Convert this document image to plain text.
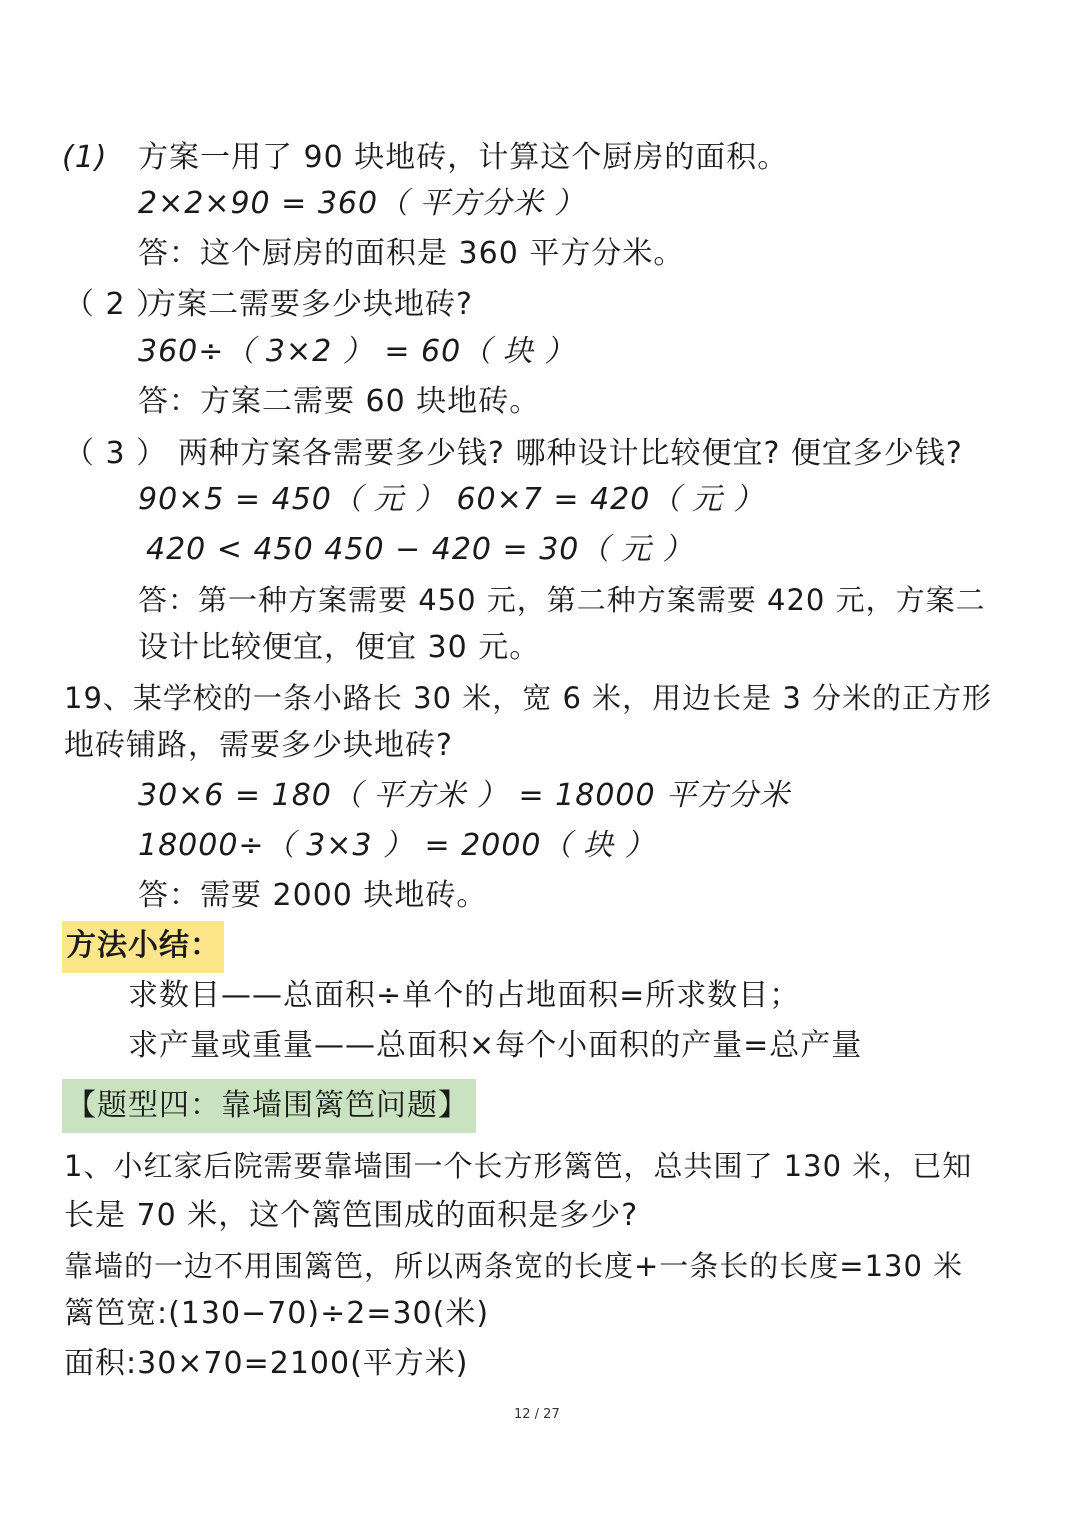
(1) 方案一用了 90 块地砖，计算这个厨房的面积。
2×2×90 = 360（ 平方分米 ）
答：这个厨房的面积是 360 平方分米。
（ 2 ）
方案二需要多少块地砖?
360÷（ 3×2 ） = 60（ 块 ）
答：方案二需要 60 块地砖。
（ 3 ） 两种方案各需要多少钱? 哪种设计比较便宜? 便宜多少钱?
90×5 = 450（ 元 ） 60×7 = 420（ 元 ）
420 < 450 450 − 420 = 30（ 元 ）
答：第一种方案需要 450 元，第二种方案需要 420 元，方案二
设计比较便宜，便宜 30 元。
19、某学校的一条小路长 30 米，宽 6 米，用边长是 3 分米的正方形
地砖铺路，需要多少块地砖?
30×6 = 180（ 平方米 ） = 18000 平方分米
18000÷（ 3×3 ） = 2000（ 块 ）
答：需要 2000 块地砖。
方法小结：
求数目——总面积÷单个的占地面积=所求数目；
求产量或重量——总面积×每个小面积的产量=总产量
【题型四：靠墙围篱笆问题】
1、小红家后院需要靠墙围一个长方形篱笆，总共围了 130 米，已知
长是 70 米，这个篱笆围成的面积是多少?
靠墙的一边不用围篱笆，所以两条宽的长度+一条长的长度=130 米
篱笆宽:(130−70)÷2=30(米)
面积:30×70=2100(平方米)
12 / 27
